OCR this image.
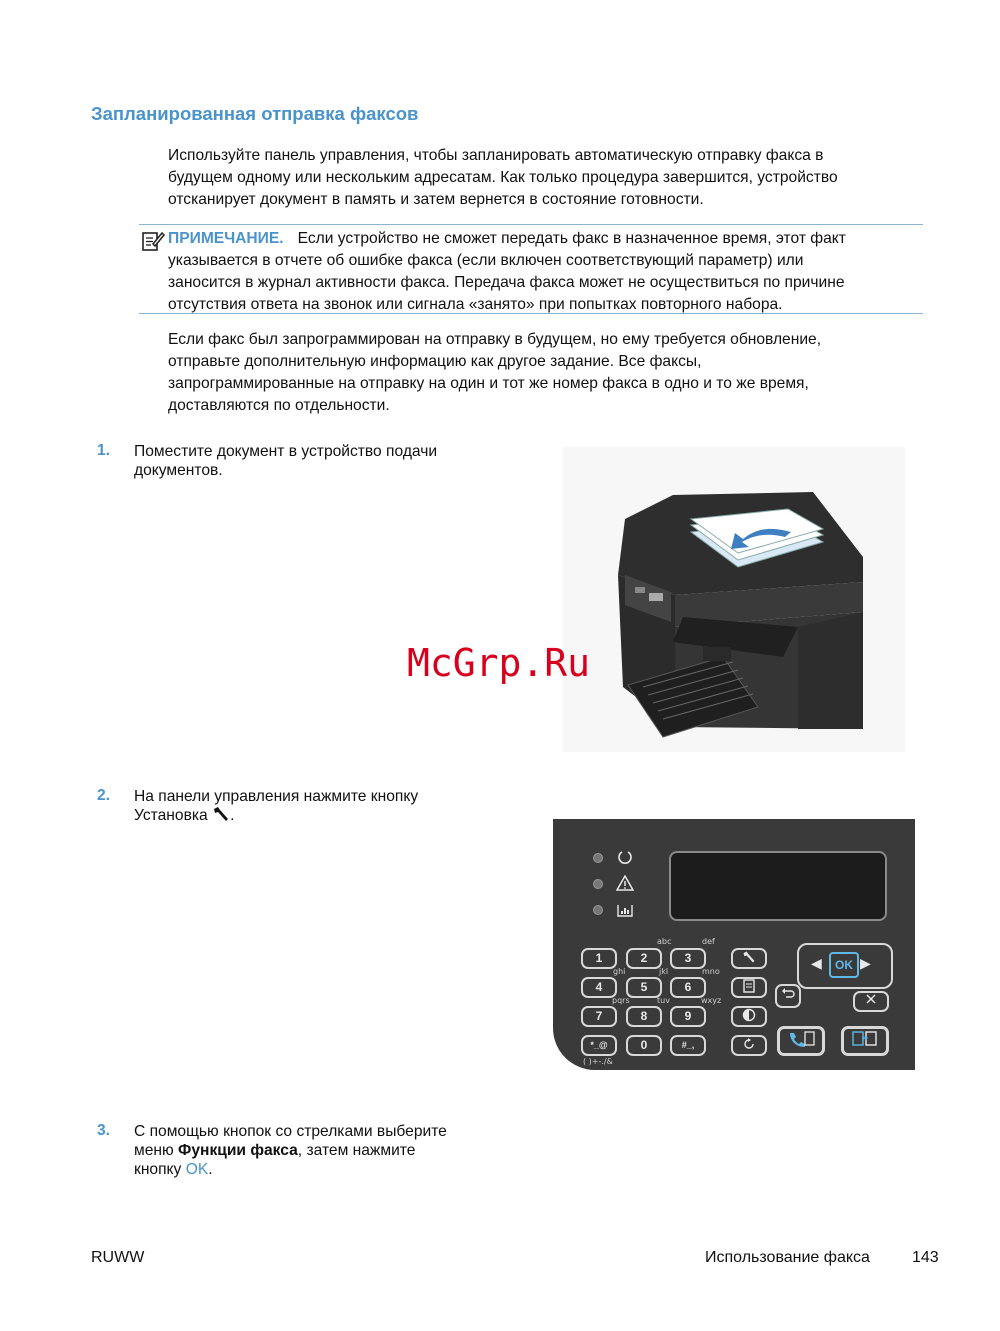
Запланированная отправка факсов
Используйте панель управления, чтобы запланировать автоматическую отправку факса в
будущем одному или нескольким адресатам. Как только процедура завершится, устройство
отсканирует документ в память и затем вернется в состояние готовности.
ПРИМЕЧАНИЕ. Если устройство не сможет передать факс в назначенное время, этот факт
указывается в отчете об ошибке факса (если включен соответствующий параметр) или
заносится в журнал активности факса. Передача факса может не осуществиться по причине
отсутствия ответа на звонок или сигнала «занято» при попытках повторного набора.
Если факс был запрограммирован на отправку в будущем, но ему требуется обновление,
отправьте дополнительную информацию как другое задание. Все факсы,
запрограммированные на отправку на один и тот же номер факса в одно и то же время,
доставляются по отдельности.
1. Поместите документ в устройство подачи
документов.
McGrp.Ru
2. На панели управления нажмите кнопку
Установка .
abc	def
ghi	jkl	mno
pqrs	tuv	wxyz
1	2	3
4	5	6
7	8	9
*_@	0	#_,
( )+-./&
◀	OK ▶
3. С помощью кнопок со стрелками выберите
меню Функции факса, затем нажмите
кнопку OK.
RUWW	Использование факса	143
